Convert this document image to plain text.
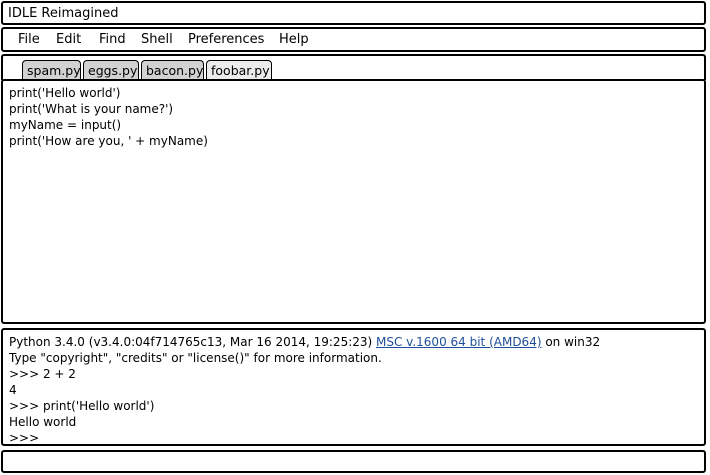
IDLE Reimagined
File Edit Find Shell Preferences Help
spam.py eggs.py bacon.py foobar.py
print('Hello world')
print('What is your name?')
myName = input()
print('How are you, ' + myName)
Python 3.4.0 (v3.4.0:04f714765c13, Mar 16 2014, 19:25:23) MSC v.1600 64 bit (AMD64) on win32
Type "copyright", "credits" or "license()" for more information.
>>> 2 + 2
4
>>> print('Hello world')
Hello world
>>>
